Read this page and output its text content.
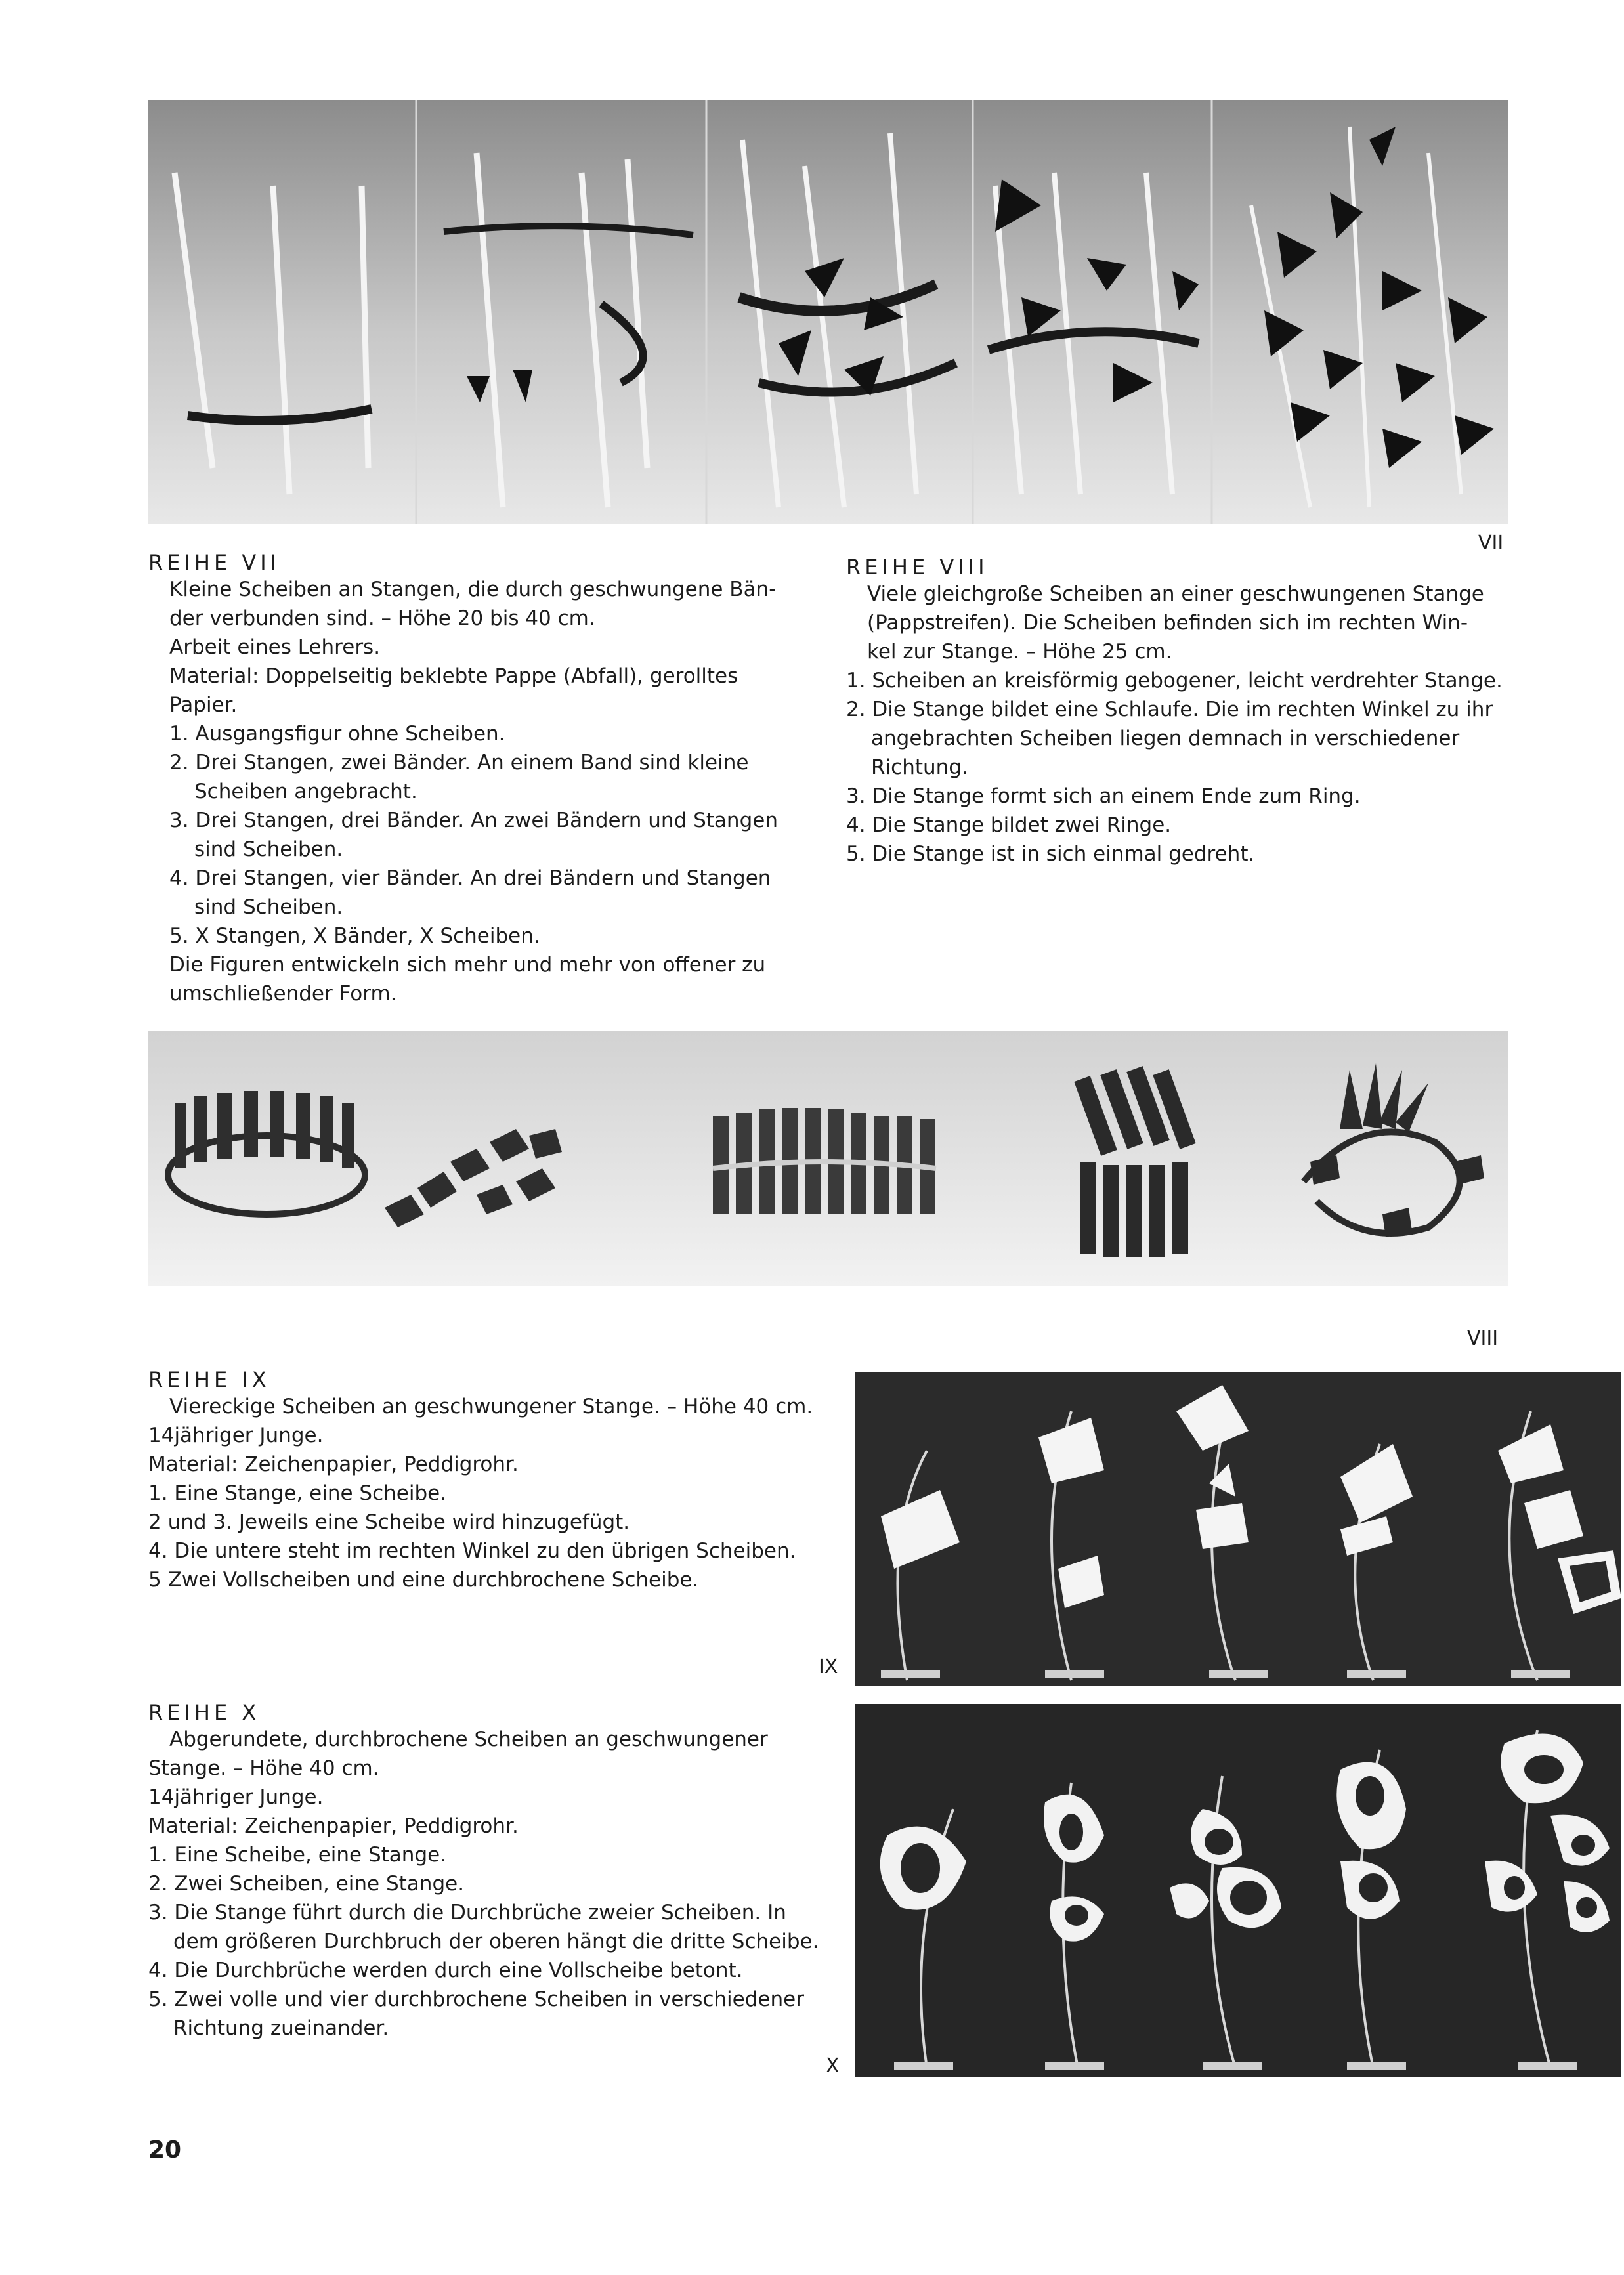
VII
REIHE VII
Kleine Scheiben an Stangen, die durch geschwungene Bän-
der verbunden sind. – Höhe 20 bis 40 cm.
Arbeit eines Lehrers.
Material: Doppelseitig beklebte Pappe (Abfall), gerolltes
Papier.
1. Ausgangsfigur ohne Scheiben.
2. Drei Stangen, zwei Bänder. An einem Band sind kleine Scheiben angebracht.
3. Drei Stangen, drei Bänder. An zwei Bändern und Stangen sind Scheiben.
4. Drei Stangen, vier Bänder. An drei Bändern und Stangen sind Scheiben.
5. X Stangen, X Bänder, X Scheiben.
Die Figuren entwickeln sich mehr und mehr von offener zu
umschließender Form.
REIHE VIII
Viele gleichgroße Scheiben an einer geschwungenen Stange
(Pappstreifen). Die Scheiben befinden sich im rechten Win-
kel zur Stange. – Höhe 25 cm.
1. Scheiben an kreisförmig gebogener, leicht verdrehter Stange.
2. Die Stange bildet eine Schlaufe. Die im rechten Winkel zu ihr angebrachten Scheiben liegen demnach in verschiedener Richtung.
3. Die Stange formt sich an einem Ende zum Ring.
4. Die Stange bildet zwei Ringe.
5. Die Stange ist in sich einmal gedreht.
VIII
REIHE IX
Viereckige Scheiben an geschwungener Stange. – Höhe 40 cm.
14jähriger Junge.
Material: Zeichenpapier, Peddigrohr.
1. Eine Stange, eine Scheibe.
2 und 3. Jeweils eine Scheibe wird hinzugefügt.
4. Die untere steht im rechten Winkel zu den übrigen Scheiben.
5 Zwei Vollscheiben und eine durchbrochene Scheibe.
IX
REIHE X
Abgerundete, durchbrochene Scheiben an geschwungener
Stange. – Höhe 40 cm.
14jähriger Junge.
Material: Zeichenpapier, Peddigrohr.
1. Eine Scheibe, eine Stange.
2. Zwei Scheiben, eine Stange.
3. Die Stange führt durch die Durchbrüche zweier Scheiben. In dem größeren Durchbruch der oberen hängt die dritte Scheibe.
4. Die Durchbrüche werden durch eine Vollscheibe betont.
5. Zwei volle und vier durchbrochene Scheiben in verschiedener Richtung zueinander.
X
20
